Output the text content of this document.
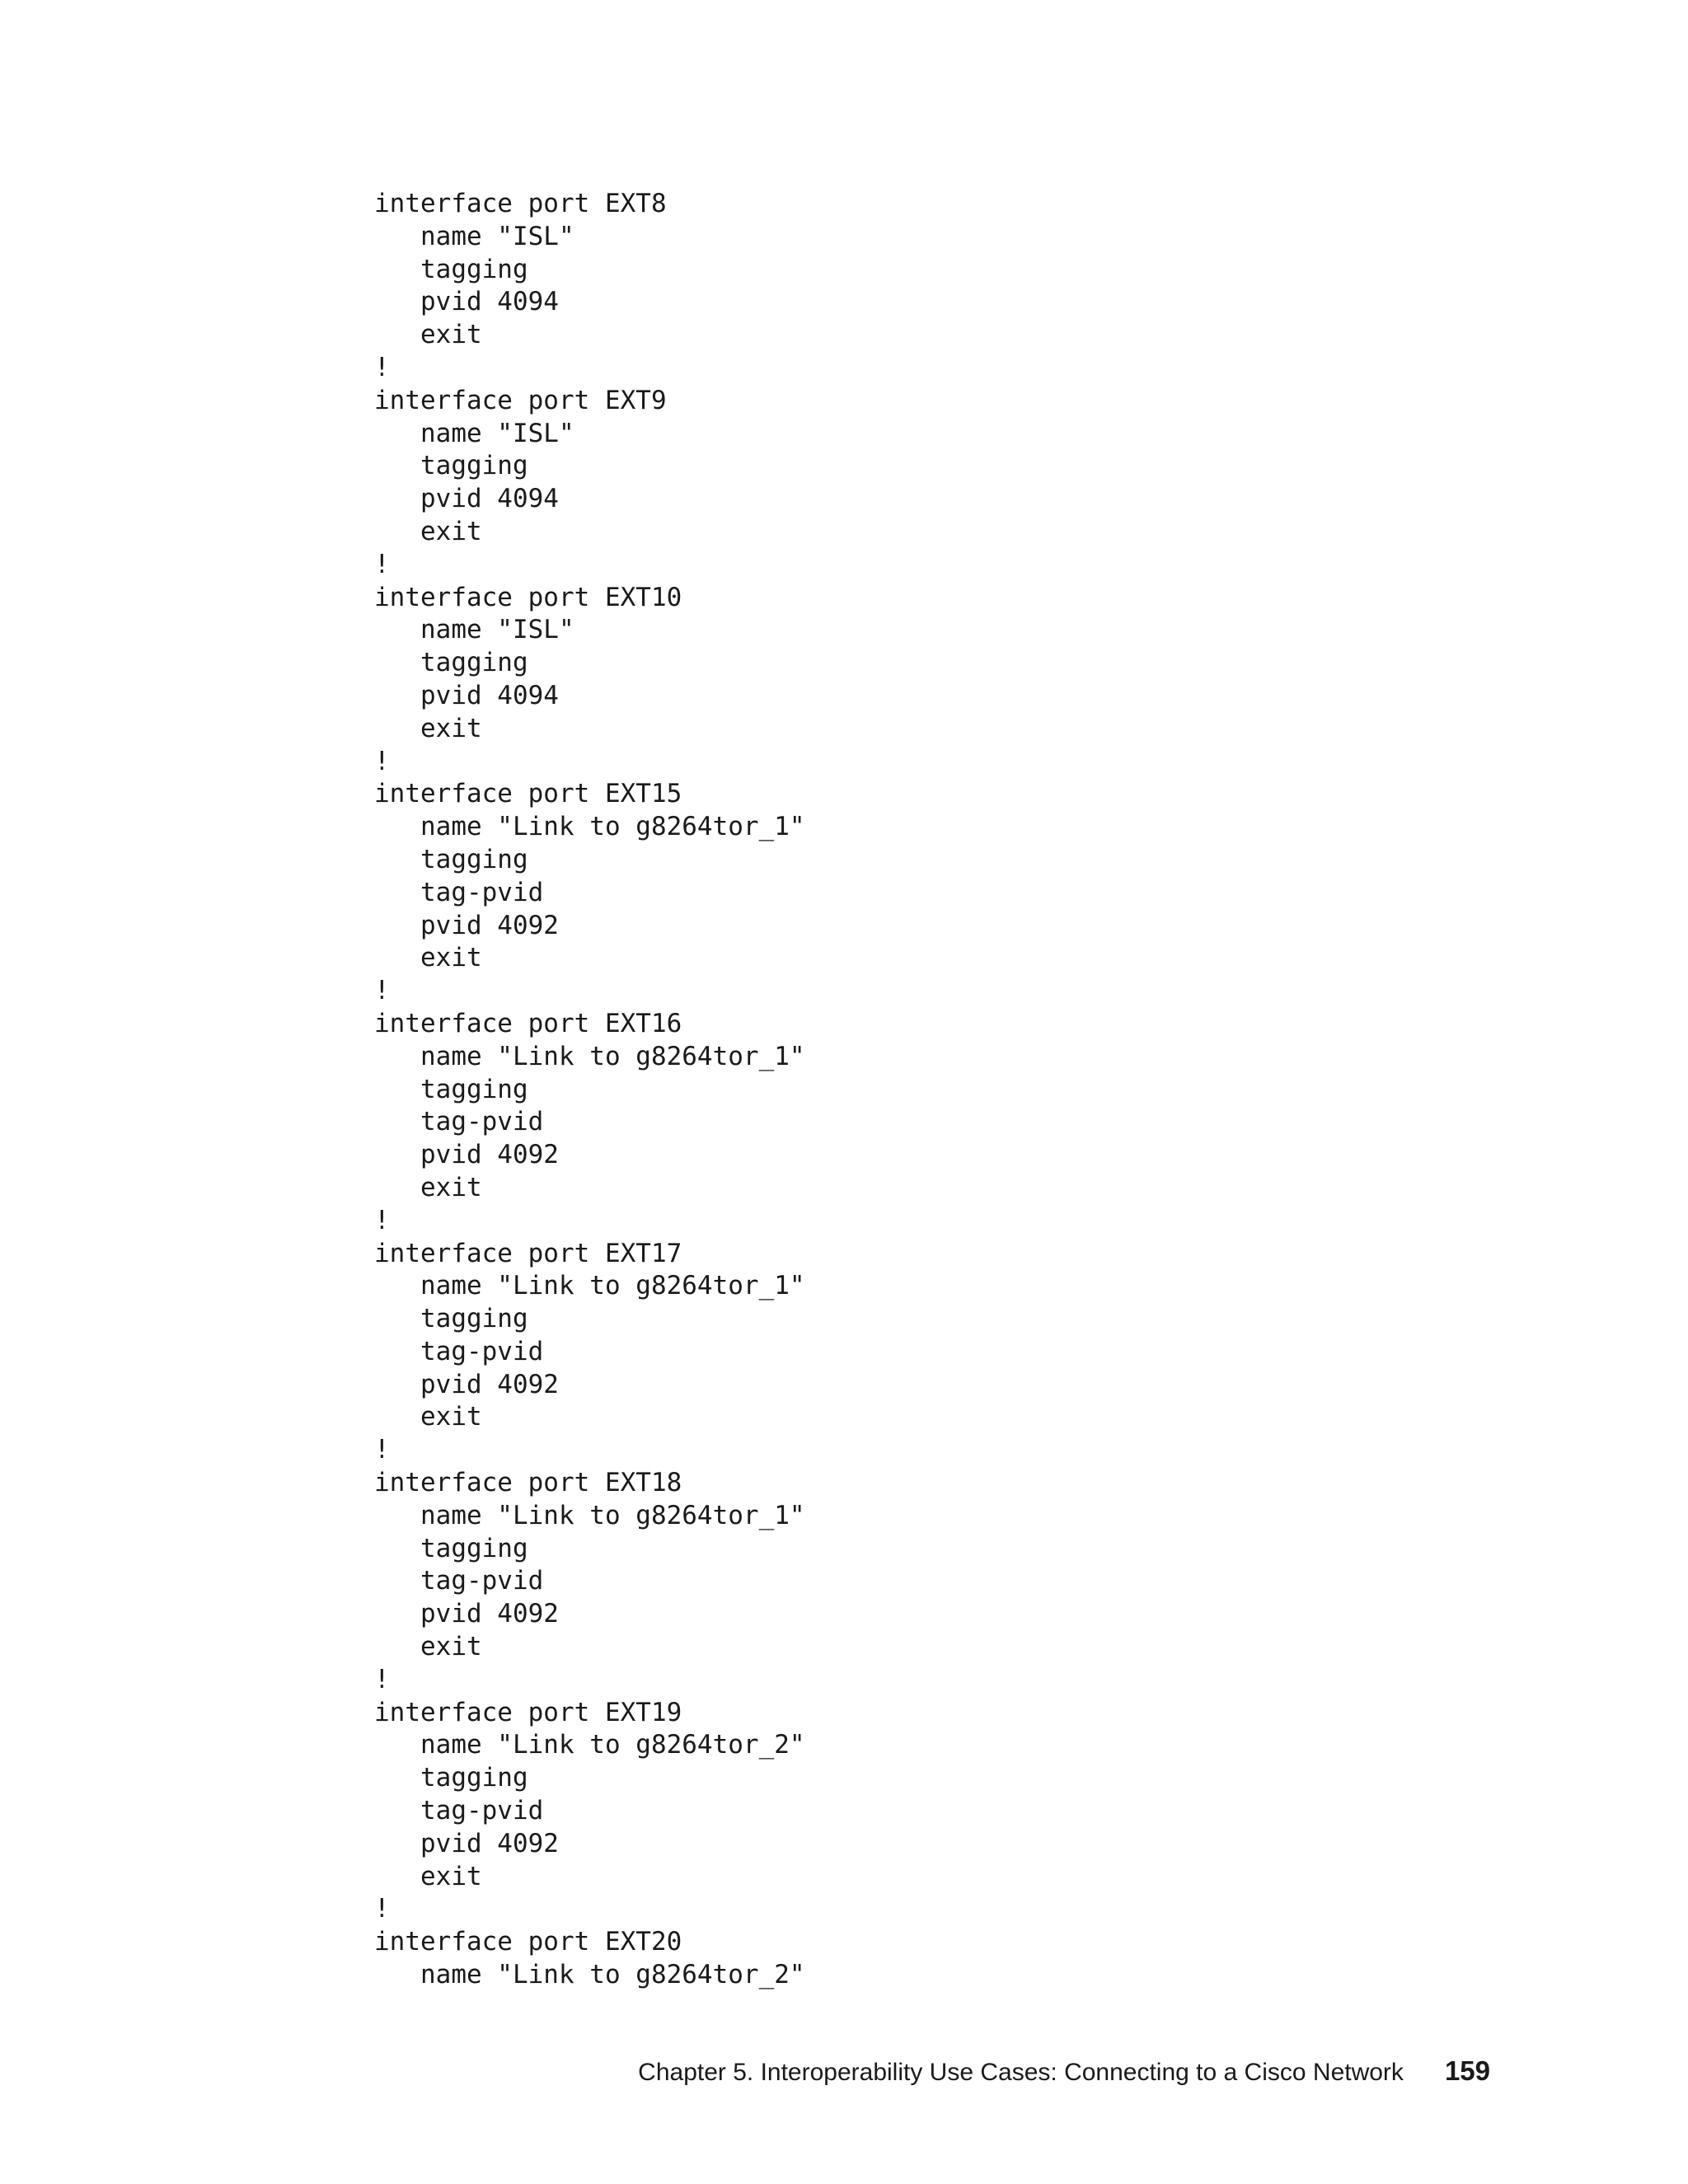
interface port EXT8
name "ISL"
tagging
pvid 4094
exit
!
interface port EXT9
name "ISL"
tagging
pvid 4094
exit
!
interface port EXT10
name "ISL"
tagging
pvid 4094
exit
!
interface port EXT15
name "Link to g8264tor_1"
tagging
tag-pvid
pvid 4092
exit
!
interface port EXT16
name "Link to g8264tor_1"
tagging
tag-pvid
pvid 4092
exit
!
interface port EXT17
name "Link to g8264tor_1"
tagging
tag-pvid
pvid 4092
exit
!
interface port EXT18
name "Link to g8264tor_1"
tagging
tag-pvid
pvid 4092
exit
!
interface port EXT19
name "Link to g8264tor_2"
tagging
tag-pvid
pvid 4092
exit
!
interface port EXT20
name "Link to g8264tor_2"
Chapter 5. Interoperability Use Cases: Connecting to a Cisco Network 159
